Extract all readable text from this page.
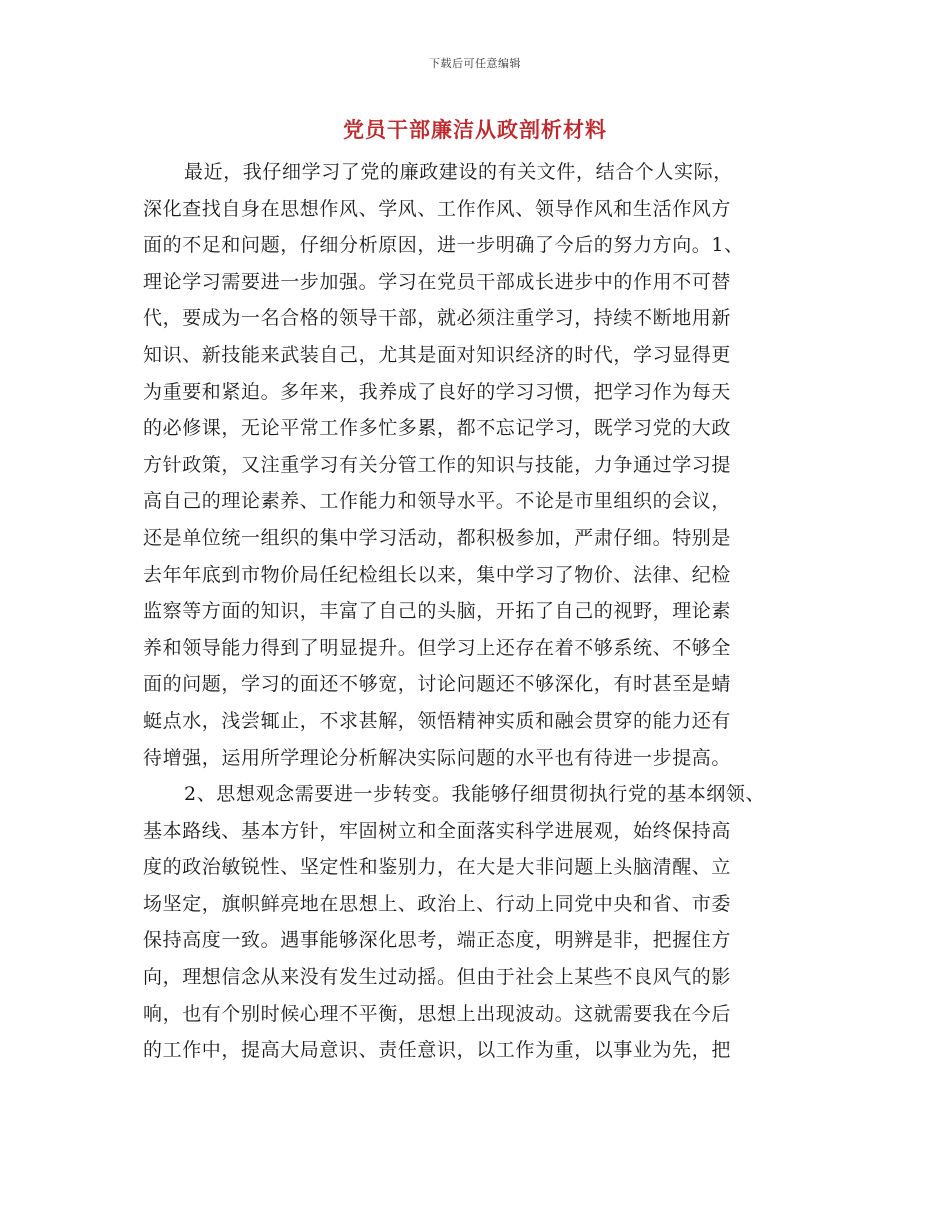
下载后可任意编辑
党员干部廉洁从政剖析材料
最近，我仔细学习了党的廉政建设的有关文件，结合个人实际，
深化查找自身在思想作风、学风、工作作风、领导作风和生活作风方
面的不足和问题，仔细分析原因，进一步明确了今后的努力方向。1、
理论学习需要进一步加强。学习在党员干部成长进步中的作用不可替
代，要成为一名合格的领导干部，就必须注重学习，持续不断地用新
知识、新技能来武装自己，尤其是面对知识经济的时代，学习显得更
为重要和紧迫。多年来，我养成了良好的学习习惯，把学习作为每天
的必修课，无论平常工作多忙多累，都不忘记学习，既学习党的大政
方针政策，又注重学习有关分管工作的知识与技能，力争通过学习提
高自己的理论素养、工作能力和领导水平。不论是市里组织的会议，
还是单位统一组织的集中学习活动，都积极参加，严肃仔细。特别是
去年年底到市物价局任纪检组长以来，集中学习了物价、法律、纪检
监察等方面的知识，丰富了自己的头脑，开拓了自己的视野，理论素
养和领导能力得到了明显提升。但学习上还存在着不够系统、不够全
面的问题，学习的面还不够宽，讨论问题还不够深化，有时甚至是蜻
蜓点水，浅尝辄止，不求甚解，领悟精神实质和融会贯穿的能力还有
待增强，运用所学理论分析解决实际问题的水平也有待进一步提高。
2、思想观念需要进一步转变。我能够仔细贯彻执行党的基本纲领、
基本路线、基本方针，牢固树立和全面落实科学进展观，始终保持高
度的政治敏锐性、坚定性和鉴别力，在大是大非问题上头脑清醒、立
场坚定，旗帜鲜亮地在思想上、政治上、行动上同党中央和省、市委
保持高度一致。遇事能够深化思考，端正态度，明辨是非，把握住方
向，理想信念从来没有发生过动摇。但由于社会上某些不良风气的影
响，也有个别时候心理不平衡，思想上出现波动。这就需要我在今后
的工作中，提高大局意识、责任意识，以工作为重，以事业为先，把
